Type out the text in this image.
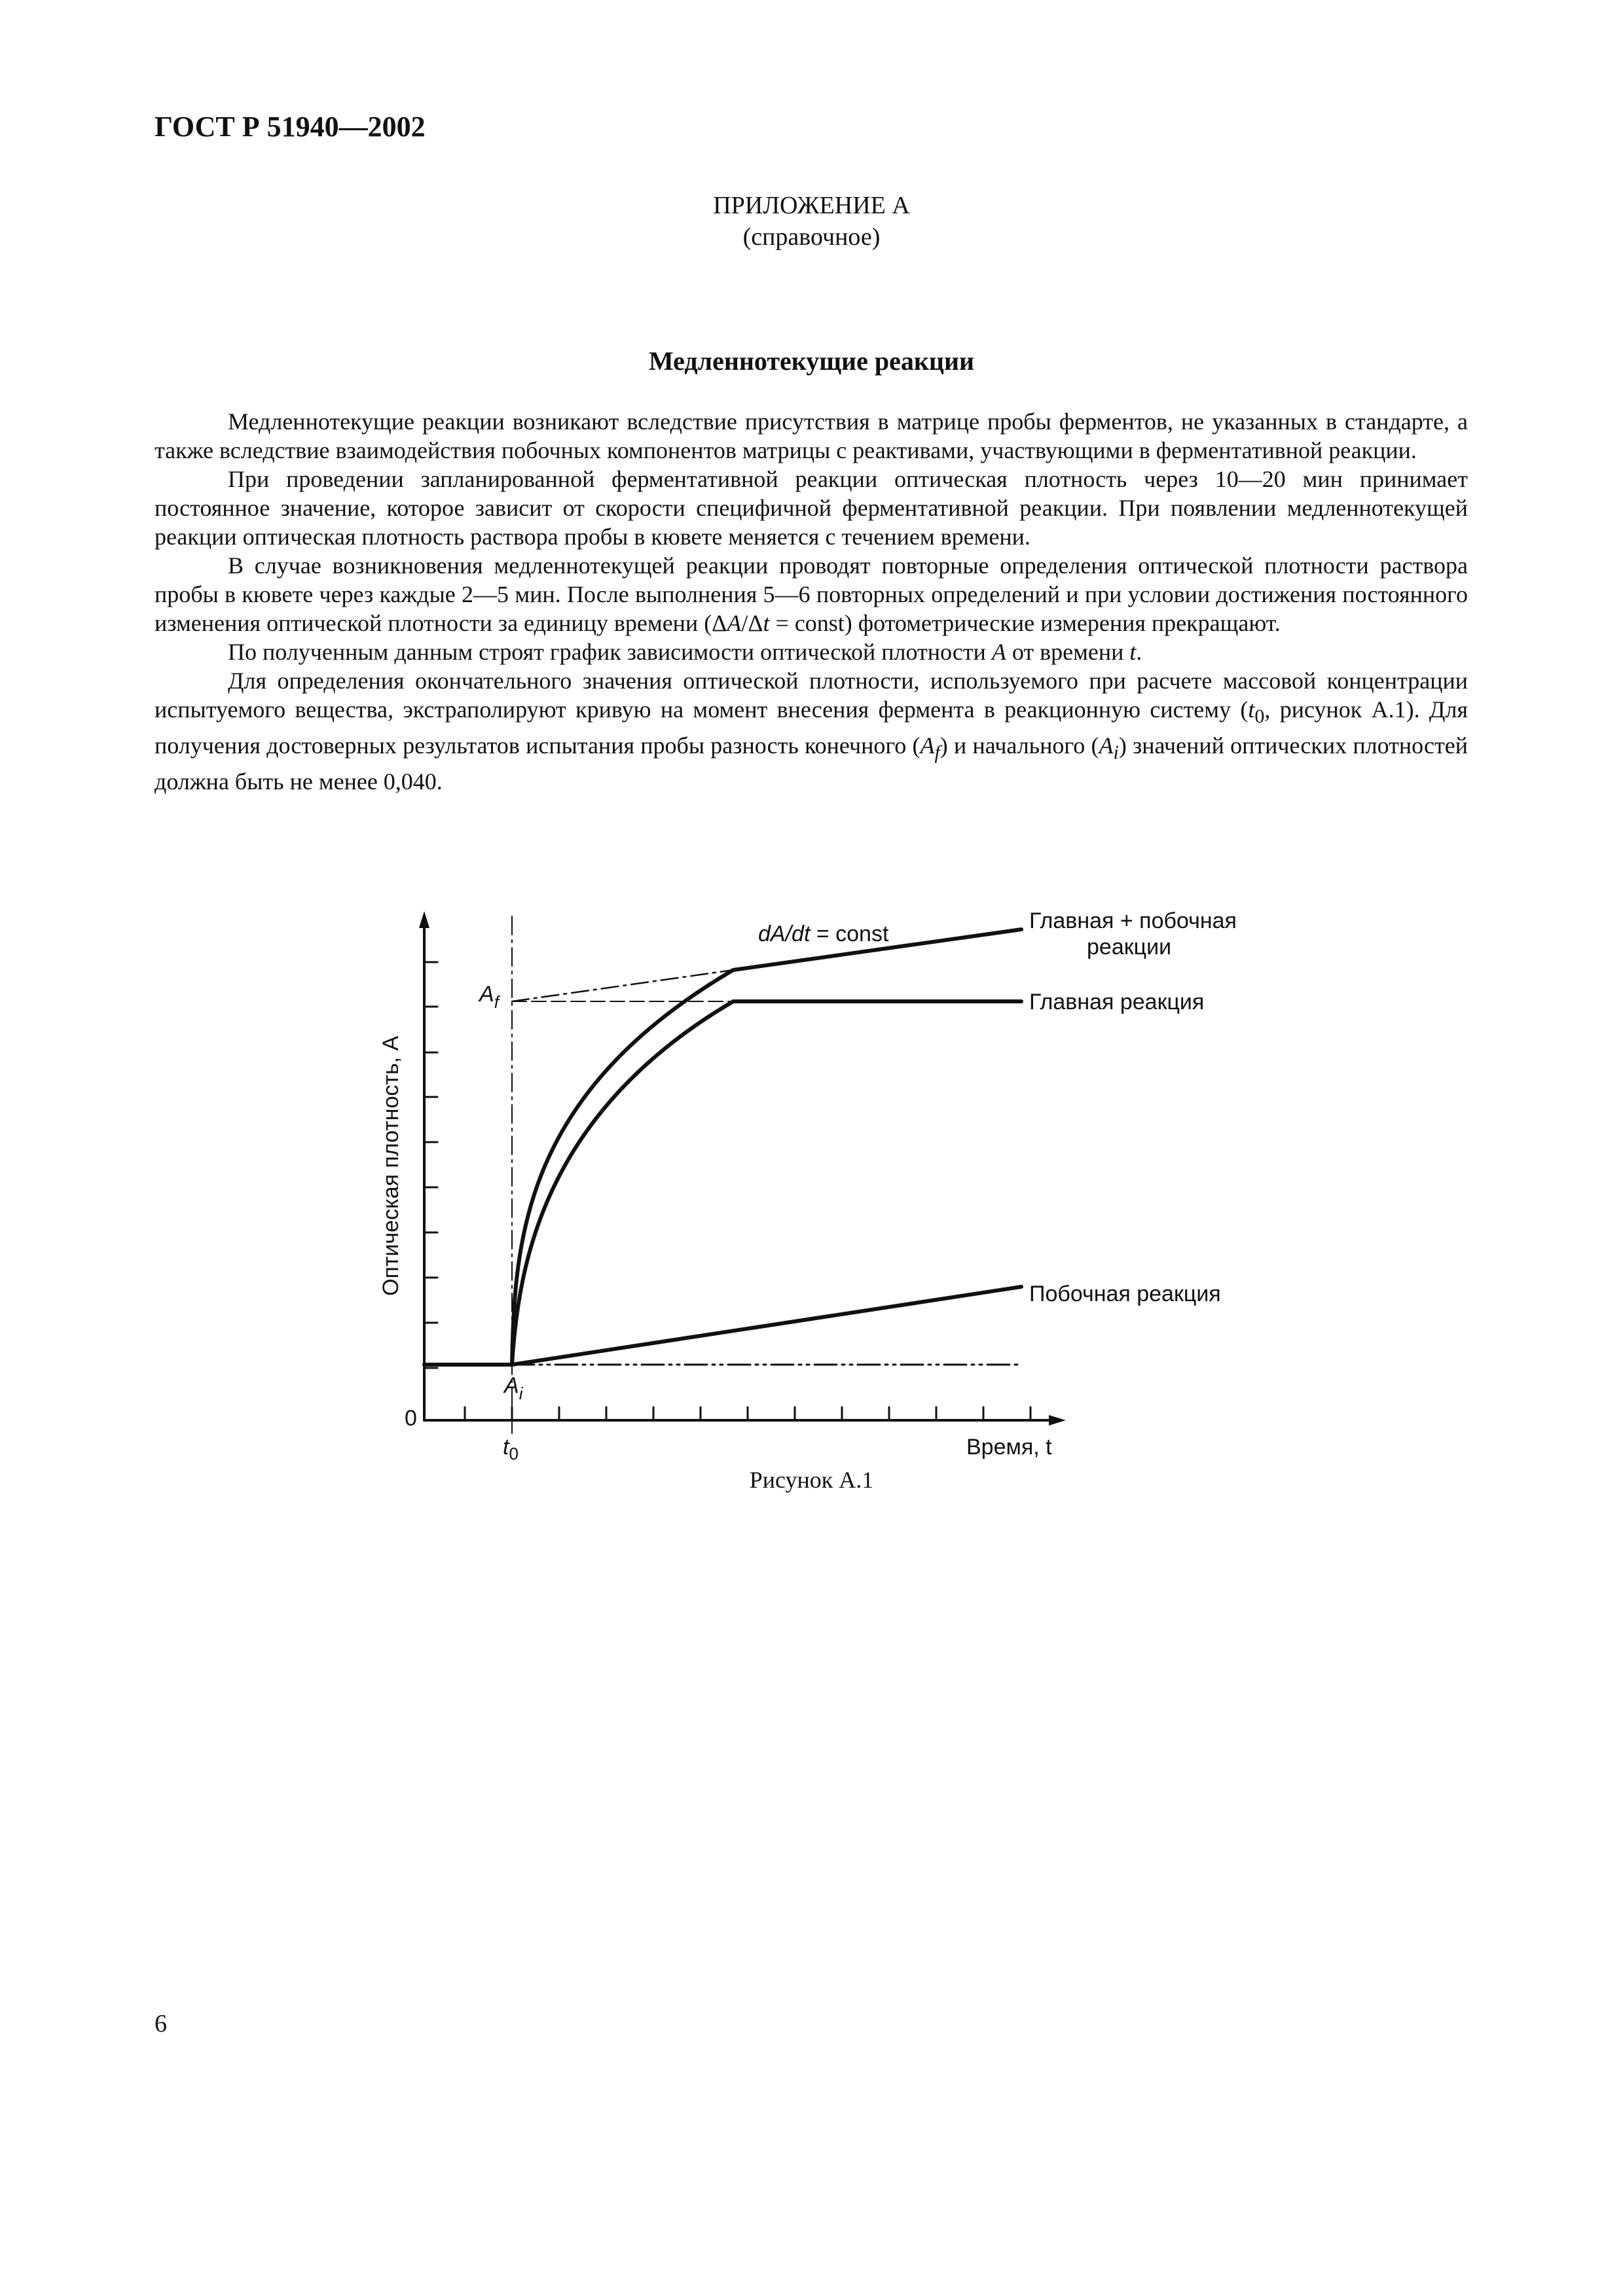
ГОСТ Р 51940—2002
ПРИЛОЖЕНИЕ А
(справочное)
Медленнотекущие реакции

Медленнотекущие реакции возникают вследствие присутствия в матрице пробы ферментов, не указанных в стандарте, а также вследствие взаимодействия побочных компонентов матрицы с реактивами, участвующими в ферментативной реакции.

При проведении запланированной ферментативной реакции оптическая плотность через 10—20 мин принимает постоянное значение, которое зависит от скорости специфичной ферментативной реакции. При появлении медленнотекущей реакции оптическая плотность раствора пробы в кювете меняется с течением времени.

В случае возникновения медленнотекущей реакции проводят повторные определения оптической плотности раствора пробы в кювете через каждые 2—5 мин. После выполнения 5—6 повторных определений и при условии достижения постоянного изменения оптической плотности за единицу времени (ΔA/Δt = const) фотометрические измерения прекращают.

По полученным данным строят график зависимости оптической плотности A от времени t.

Для определения окончательного значения оптической плотности, используемого при расчете массовой концентрации испытуемого вещества, экстраполируют кривую на момент внесения фермента в реакционную систему ($t_0$, рисунок А.1). Для получения достоверных результатов испытания пробы разность конечного $(A_f)$ и начального $(A_i)$ значений оптических плотностей должна быть не менее 0,040.

0
$t_0$
$A_f$
$A_i$
dA/dt = const
Главная + побочная
реакции
Главная реакция
Побочная реакция
Время, t
Оптическая плотность, A
Рисунок А.1
6
